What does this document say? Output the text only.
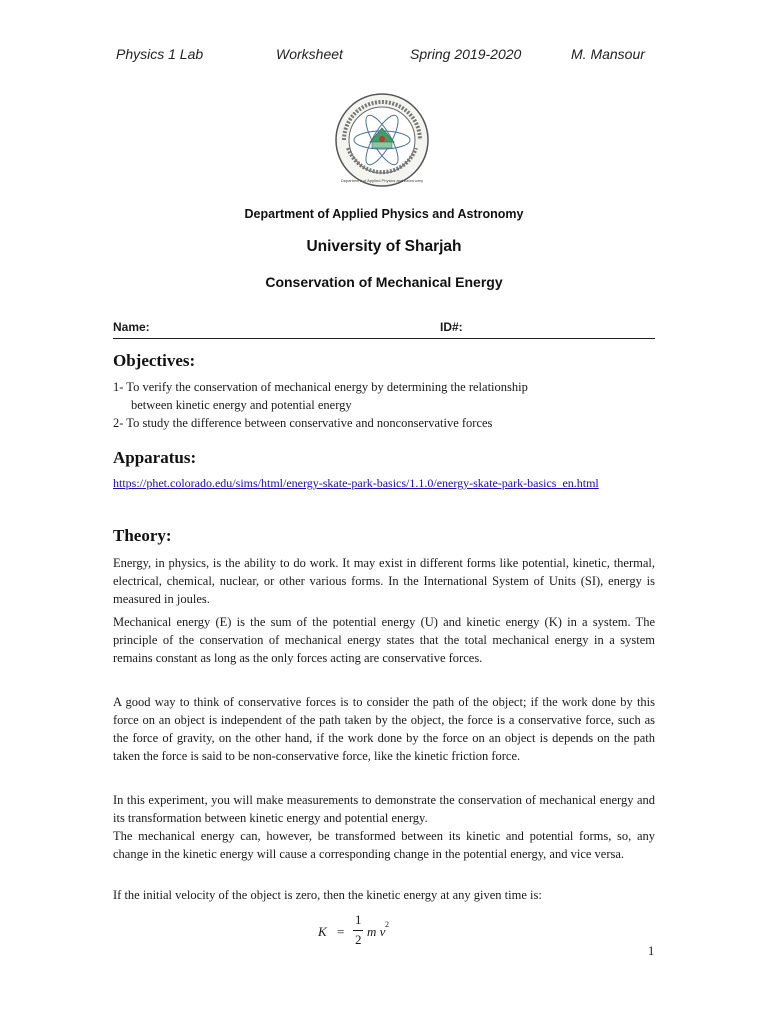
Physics 1 Lab	Worksheet	Spring 2019-2020	M. Mansour
Department of Applied Physics and Astronomy
Department of Applied Physics and Astronomy
University of Sharjah
Conservation of Mechanical Energy
Name:	ID#:
Objectives:
1- To verify the conservation of mechanical energy by determining the relationship
between kinetic energy and potential energy
2- To study the difference between conservative and nonconservative forces
Apparatus:
https://phet.colorado.edu/sims/html/energy-skate-park-basics/1.1.0/energy-skate-park-basics_en.html
Theory:
Energy, in physics, is the ability to do work. It may exist in different forms like potential, kinetic, thermal, electrical, chemical, nuclear, or other various forms. In the International System of Units (SI), energy is measured in joules.
Mechanical energy (E) is the sum of the potential energy (U) and kinetic energy (K) in a system. The principle of the conservation of mechanical energy states that the total mechanical energy in a system remains constant as long as the only forces acting are conservative forces.
A good way to think of conservative forces is to consider the path of the object; if the work done by this force on an object is independent of the path taken by the object, the force is a conservative force, such as the force of gravity, on the other hand, if the work done by the force on an object is depends on the path taken the force is said to be non-conservative force, like the kinetic friction force.
In this experiment, you will make measurements to demonstrate the conservation of mechanical energy and its transformation between kinetic energy and potential energy.
The mechanical energy can, however, be transformed between its kinetic and potential forms, so, any change in the kinetic energy will cause a corresponding change in the potential energy, and vice versa.
If the initial velocity of the object is zero, then the kinetic energy at any given time is:
K =
1
2
m v 2
1
